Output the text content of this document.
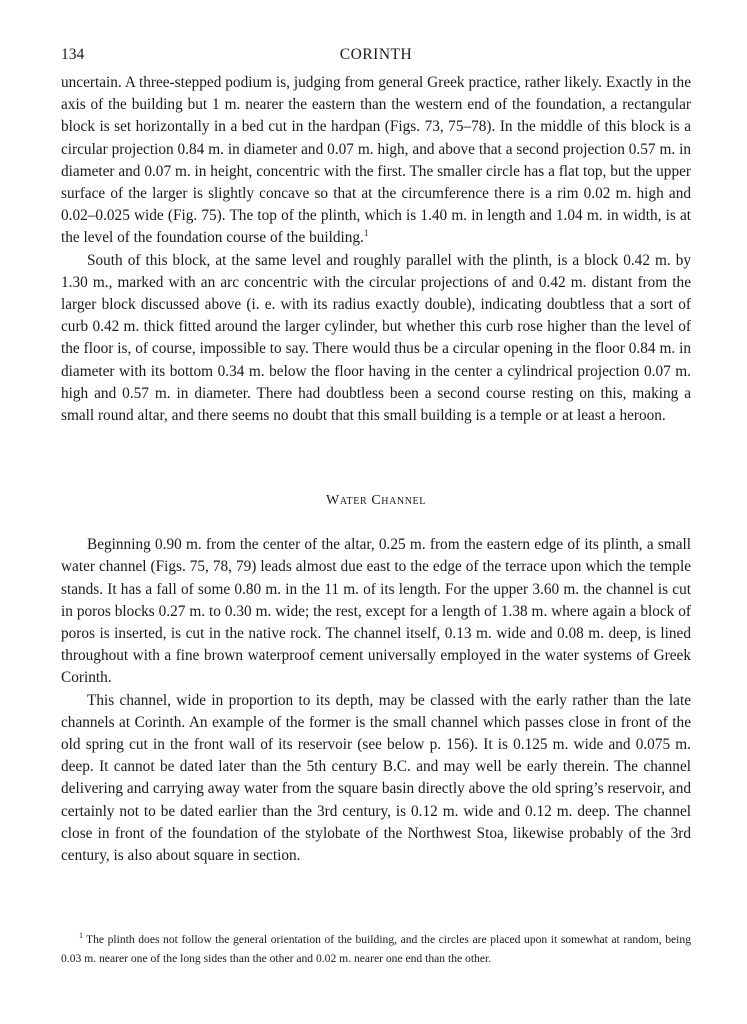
134	CORINTH

uncertain. A three-stepped podium is, judging from general Greek practice, rather likely. Exactly in the axis of the building but 1 m. nearer the eastern than the western end of the foundation, a rectangular block is set horizontally in a bed cut in the hardpan (Figs. 73, 75–78). In the middle of this block is a circular projection 0.84 m. in diameter and 0.07 m. high, and above that a second projection 0.57 m. in diameter and 0.07 m. in height, concentric with the first. The smaller circle has a flat top, but the upper surface of the larger is slightly concave so that at the circumference there is a rim 0.02 m. high and 0.02–0.025 wide (Fig. 75). The top of the plinth, which is 1.40 m. in length and 1.04 m. in width, is at the level of the foundation course of the building.$^1$

South of this block, at the same level and roughly parallel with the plinth, is a block 0.42 m. by 1.30 m., marked with an arc concentric with the circular projections of and 0.42 m. distant from the larger block discussed above (i. e. with its radius exactly double), indicating doubtless that a sort of curb 0.42 m. thick fitted around the larger cylinder, but whether this curb rose higher than the level of the floor is, of course, impossible to say. There would thus be a circular opening in the floor 0.84 m. in diameter with its bottom 0.34 m. below the floor having in the center a cylindrical projection 0.07 m. high and 0.57 m. in diameter. There had doubtless been a second course resting on this, making a small round altar, and there seems no doubt that this small building is a temple or at least a heroon.

Water Channel

Beginning 0.90 m. from the center of the altar, 0.25 m. from the eastern edge of its plinth, a small water channel (Figs. 75, 78, 79) leads almost due east to the edge of the terrace upon which the temple stands. It has a fall of some 0.80 m. in the 11 m. of its length. For the upper 3.60 m. the channel is cut in poros blocks 0.27 m. to 0.30 m. wide; the rest, except for a length of 1.38 m. where again a block of poros is inserted, is cut in the native rock. The channel itself, 0.13 m. wide and 0.08 m. deep, is lined throughout with a fine brown waterproof cement universally employed in the water systems of Greek Corinth.

This channel, wide in proportion to its depth, may be classed with the early rather than the late channels at Corinth. An example of the former is the small channel which passes close in front of the old spring cut in the front wall of its reservoir (see below p. 156). It is 0.125 m. wide and 0.075 m. deep. It cannot be dated later than the 5th century B.C. and may well be early therein. The channel delivering and carrying away water from the square basin directly above the old spring’s reservoir, and certainly not to be dated earlier than the 3rd century, is 0.12 m. wide and 0.12 m. deep. The channel close in front of the foundation of the stylobate of the Northwest Stoa, likewise probably of the 3rd century, is also about square in section.

$^1$ The plinth does not follow the general orientation of the building, and the circles are placed upon it somewhat at random, being 0.03 m. nearer one of the long sides than the other and 0.02 m. nearer one end than the other.
